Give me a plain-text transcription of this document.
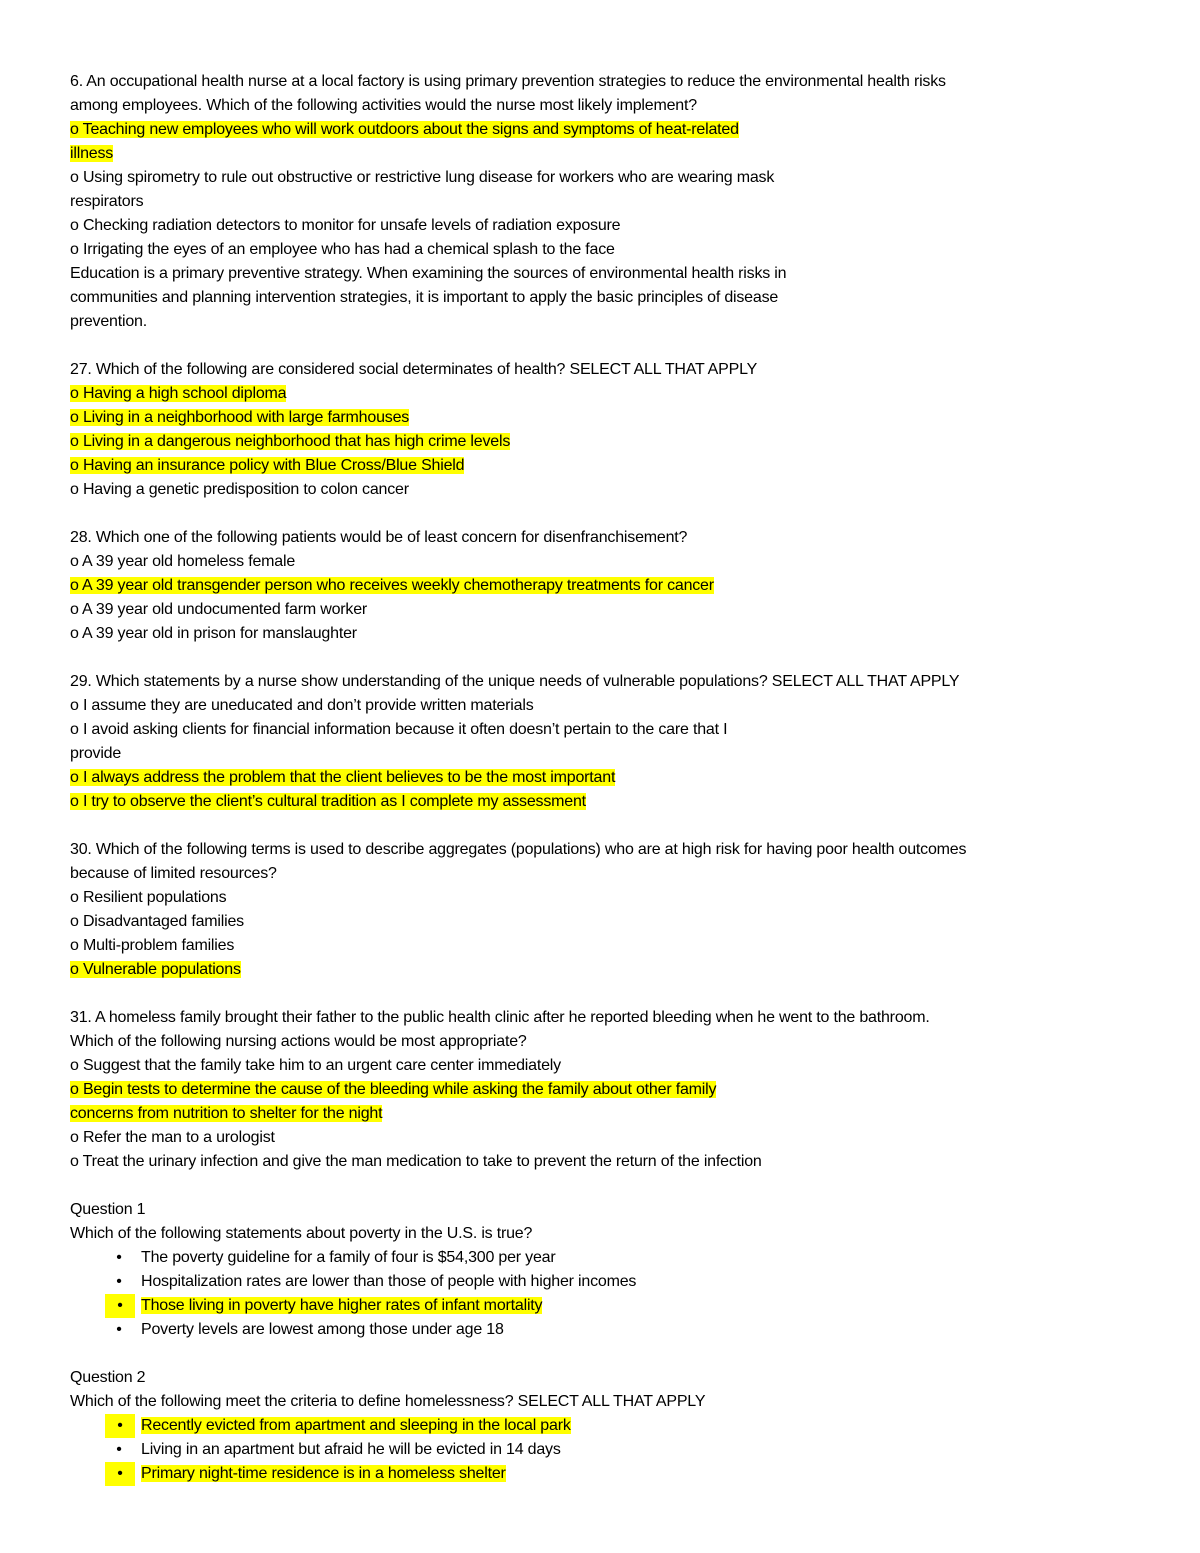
6. An occupational health nurse at a local factory is using primary prevention strategies to reduce the environmental health risks
among employees. Which of the following activities would the nurse most likely implement?
o Teaching new employees who will work outdoors about the signs and symptoms of heat-related
illness
o Using spirometry to rule out obstructive or restrictive lung disease for workers who are wearing mask
respirators
o Checking radiation detectors to monitor for unsafe levels of radiation exposure
o Irrigating the eyes of an employee who has had a chemical splash to the face
Education is a primary preventive strategy. When examining the sources of environmental health risks in
communities and planning intervention strategies, it is important to apply the basic principles of disease
prevention.
27. Which of the following are considered social determinates of health? SELECT ALL THAT APPLY
o Having a high school diploma
o Living in a neighborhood with large farmhouses
o Living in a dangerous neighborhood that has high crime levels
o Having an insurance policy with Blue Cross/Blue Shield
o Having a genetic predisposition to colon cancer
28. Which one of the following patients would be of least concern for disenfranchisement?
o A 39 year old homeless female
o A 39 year old transgender person who receives weekly chemotherapy treatments for cancer
o A 39 year old undocumented farm worker
o A 39 year old in prison for manslaughter
29. Which statements by a nurse show understanding of the unique needs of vulnerable populations? SELECT ALL THAT APPLY
o I assume they are uneducated and don’t provide written materials
o I avoid asking clients for financial information because it often doesn’t pertain to the care that I
provide
o I always address the problem that the client believes to be the most important
o I try to observe the client’s cultural tradition as I complete my assessment
30. Which of the following terms is used to describe aggregates (populations) who are at high risk for having poor health outcomes
because of limited resources?
o Resilient populations
o Disadvantaged families
o Multi-problem families
o Vulnerable populations
31. A homeless family brought their father to the public health clinic after he reported bleeding when he went to the bathroom.
Which of the following nursing actions would be most appropriate?
o Suggest that the family take him to an urgent care center immediately
o Begin tests to determine the cause of the bleeding while asking the family about other family
concerns from nutrition to shelter for the night
o Refer the man to a urologist
o Treat the urinary infection and give the man medication to take to prevent the return of the infection
Question 1
Which of the following statements about poverty in the U.S. is true?
•	The poverty guideline for a family of four is $54,300 per year
•	Hospitalization rates are lower than those of people with higher incomes
•	Those living in poverty have higher rates of infant mortality
•	Poverty levels are lowest among those under age 18
Question 2
Which of the following meet the criteria to define homelessness? SELECT ALL THAT APPLY
•	Recently evicted from apartment and sleeping in the local park
•	Living in an apartment but afraid he will be evicted in 14 days
•	Primary night-time residence is in a homeless shelter
